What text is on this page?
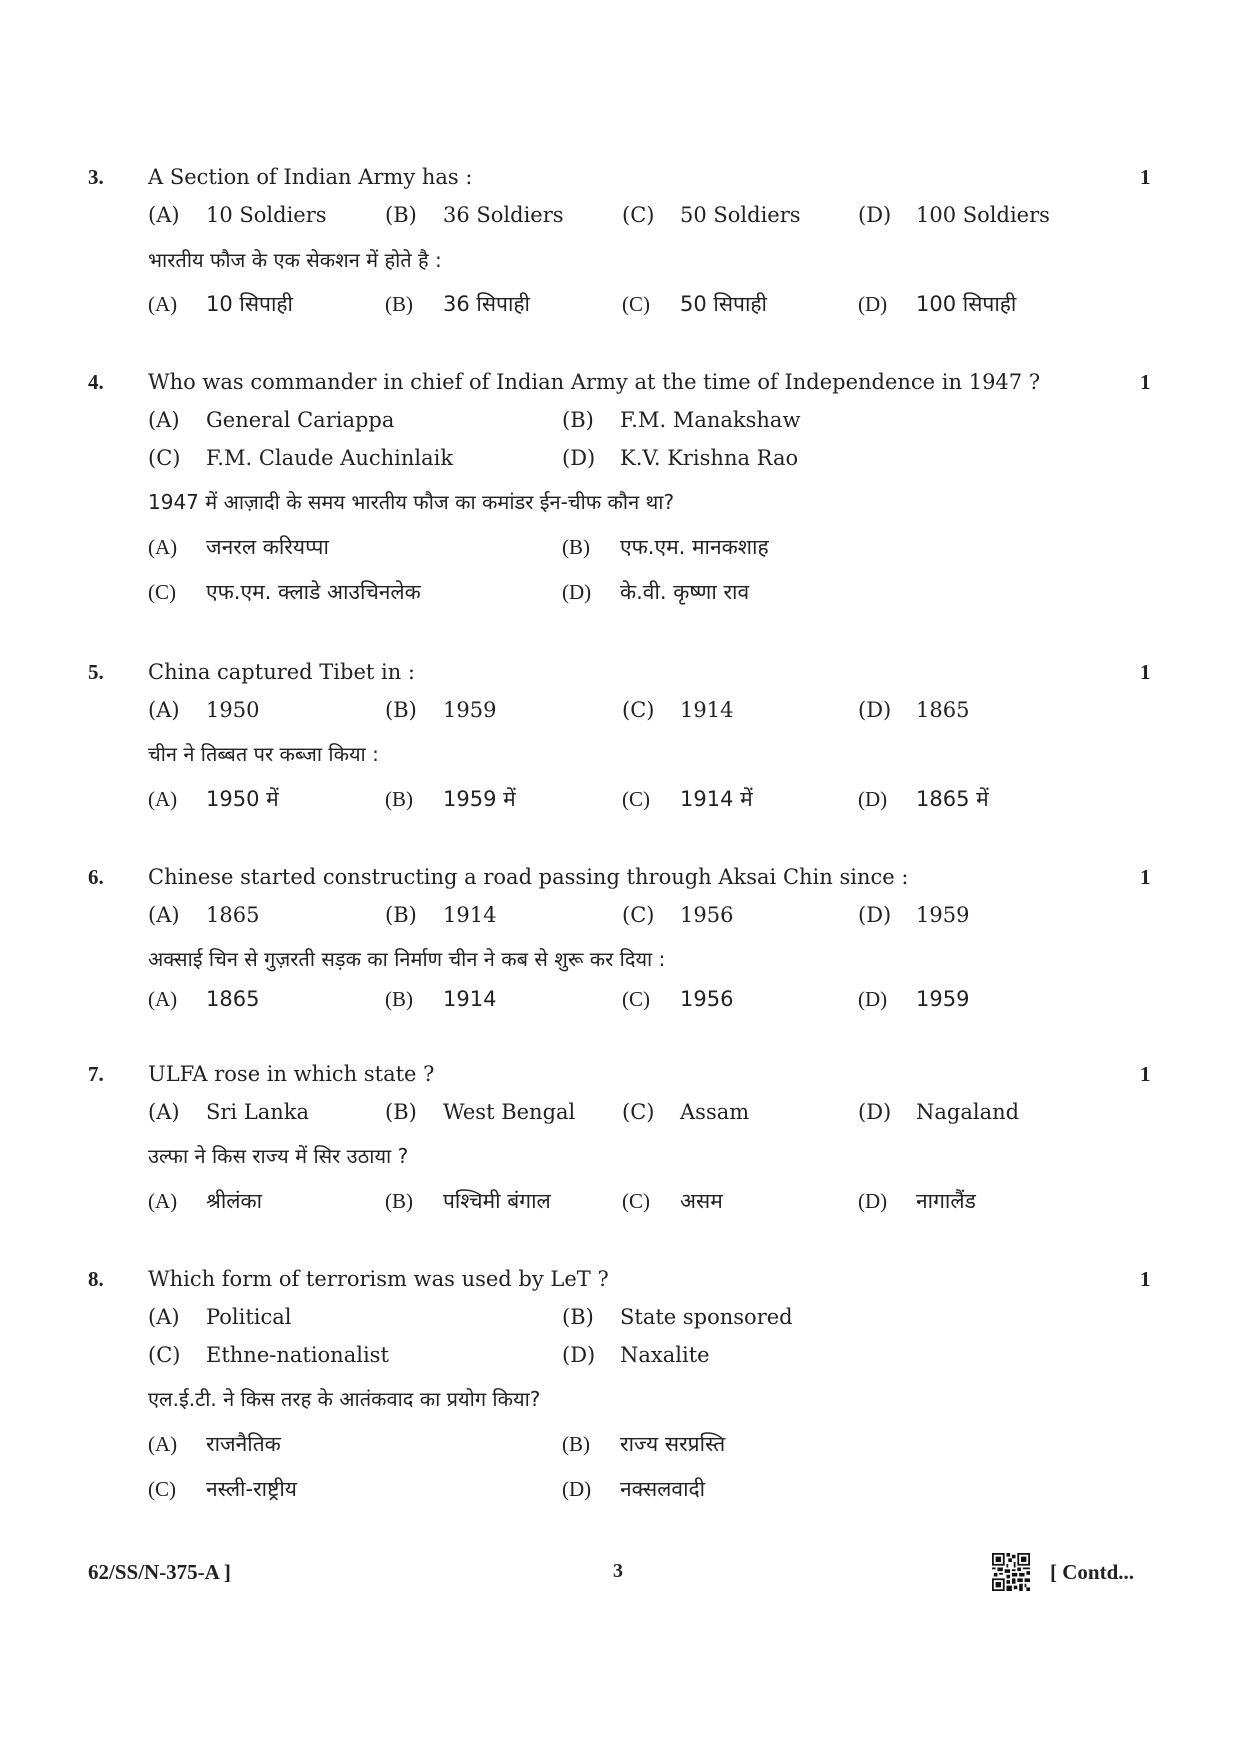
3. A Section of Indian Army has :	1
(A) 10 Soldiers	(B) 36 Soldiers	(C) 50 Soldiers	(D) 100 Soldiers
भारतीय फौज के एक सेकशन में होते है :
(A) 10 सिपाही	(B) 36 सिपाही	(C) 50 सिपाही	(D) 100 सिपाही
4. Who was commander in chief of Indian Army at the time of Independence in 1947 ?	1
(A) General Cariappa	(B) F.M. Manakshaw
(C) F.M. Claude Auchinlaik	(D) K.V. Krishna Rao
1947 में आज़ादी के समय भारतीय फौज का कमांडर ईन-चीफ कौन था?
(A) जनरल करियप्पा	(B) एफ.एम. मानकशाह
(C) एफ.एम. क्लाडे आउचिनलेक	(D) के.वी. कृष्णा राव
5. China captured Tibet in :	1
(A) 1950	(B) 1959	(C) 1914	(D) 1865
चीन ने तिब्बत पर कब्जा किया :
(A) 1950 में	(B) 1959 में	(C) 1914 में	(D) 1865 में
6. Chinese started constructing a road passing through Aksai Chin since :	1
(A) 1865	(B) 1914	(C) 1956	(D) 1959
अक्साई चिन से गुज़रती सड़क का निर्माण चीन ने कब से शुरू कर दिया :
(A) 1865	(B) 1914	(C) 1956	(D) 1959
7. ULFA rose in which state ?	1
(A) Sri Lanka	(B) West Bengal (C) Assam	(D) Nagaland
उल्फा ने किस राज्य में सिर उठाया ?
(A) श्रीलंका	(B) पश्चिमी बंगाल	(C) असम	(D) नागालैंड
8. Which form of terrorism was used by LeT ?	1
(A) Political	(B) State sponsored
(C) Ethne-nationalist	(D) Naxalite
एल.ई.टी. ने किस तरह के आतंकवाद का प्रयोग किया?
(A) राजनैतिक	(B) राज्य सरप्रस्ति
(C) नस्ली-राष्ट्रीय	(D) नक्सलवादी
62/SS/N-375-A ]	3	[ Contd...
